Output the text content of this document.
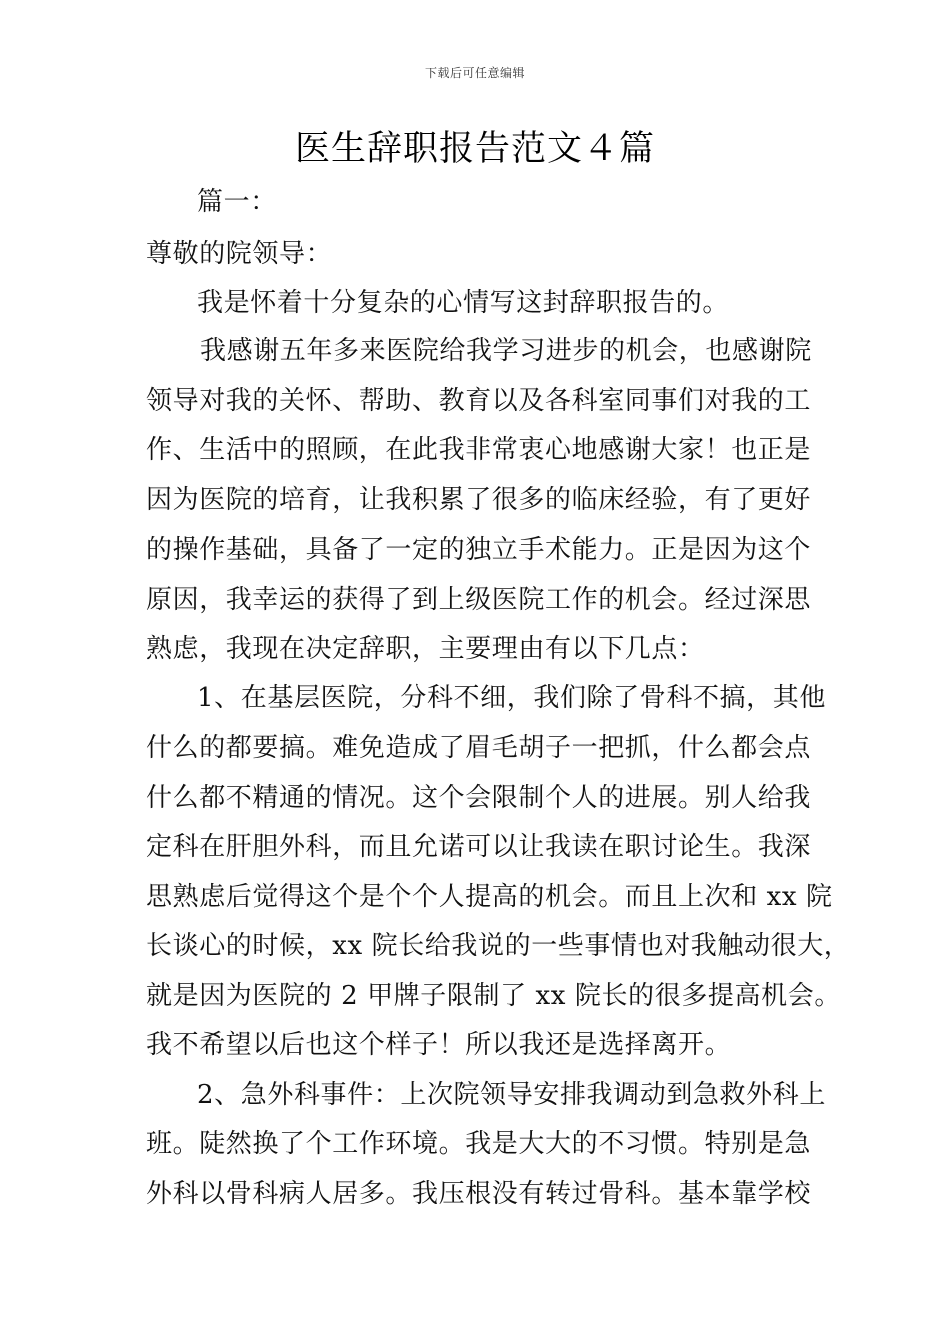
下载后可任意编辑
医生辞职报告范文４篇
篇一：
尊敬的院领导：
我是怀着十分复杂的心情写这封辞职报告的。
我感谢五年多来医院给我学习进步的机会，也感谢院
领导对我的关怀、帮助、教育以及各科室同事们对我的工
作、生活中的照顾，在此我非常衷心地感谢大家！也正是
因为医院的培育，让我积累了很多的临床经验，有了更好
的操作基础，具备了一定的独立手术能力。正是因为这个
原因，我幸运的获得了到上级医院工作的机会。经过深思
熟虑，我现在决定辞职，主要理由有以下几点：
1、在基层医院，分科不细，我们除了骨科不搞，其他
什么的都要搞。难免造成了眉毛胡子一把抓，什么都会点
什么都不精通的情况。这个会限制个人的进展。别人给我
定科在肝胆外科，而且允诺可以让我读在职讨论生。我深
思熟虑后觉得这个是个个人提高的机会。而且上次和 xx 院
长谈心的时候，xx 院长给我说的一些事情也对我触动很大，
就是因为医院的 2 甲牌子限制了 xx 院长的很多提高机会。
我不希望以后也这个样子！所以我还是选择离开。
2、急外科事件：上次院领导安排我调动到急救外科上
班。陡然换了个工作环境。我是大大的不习惯。特别是急
外科以骨科病人居多。我压根没有转过骨科。基本靠学校
